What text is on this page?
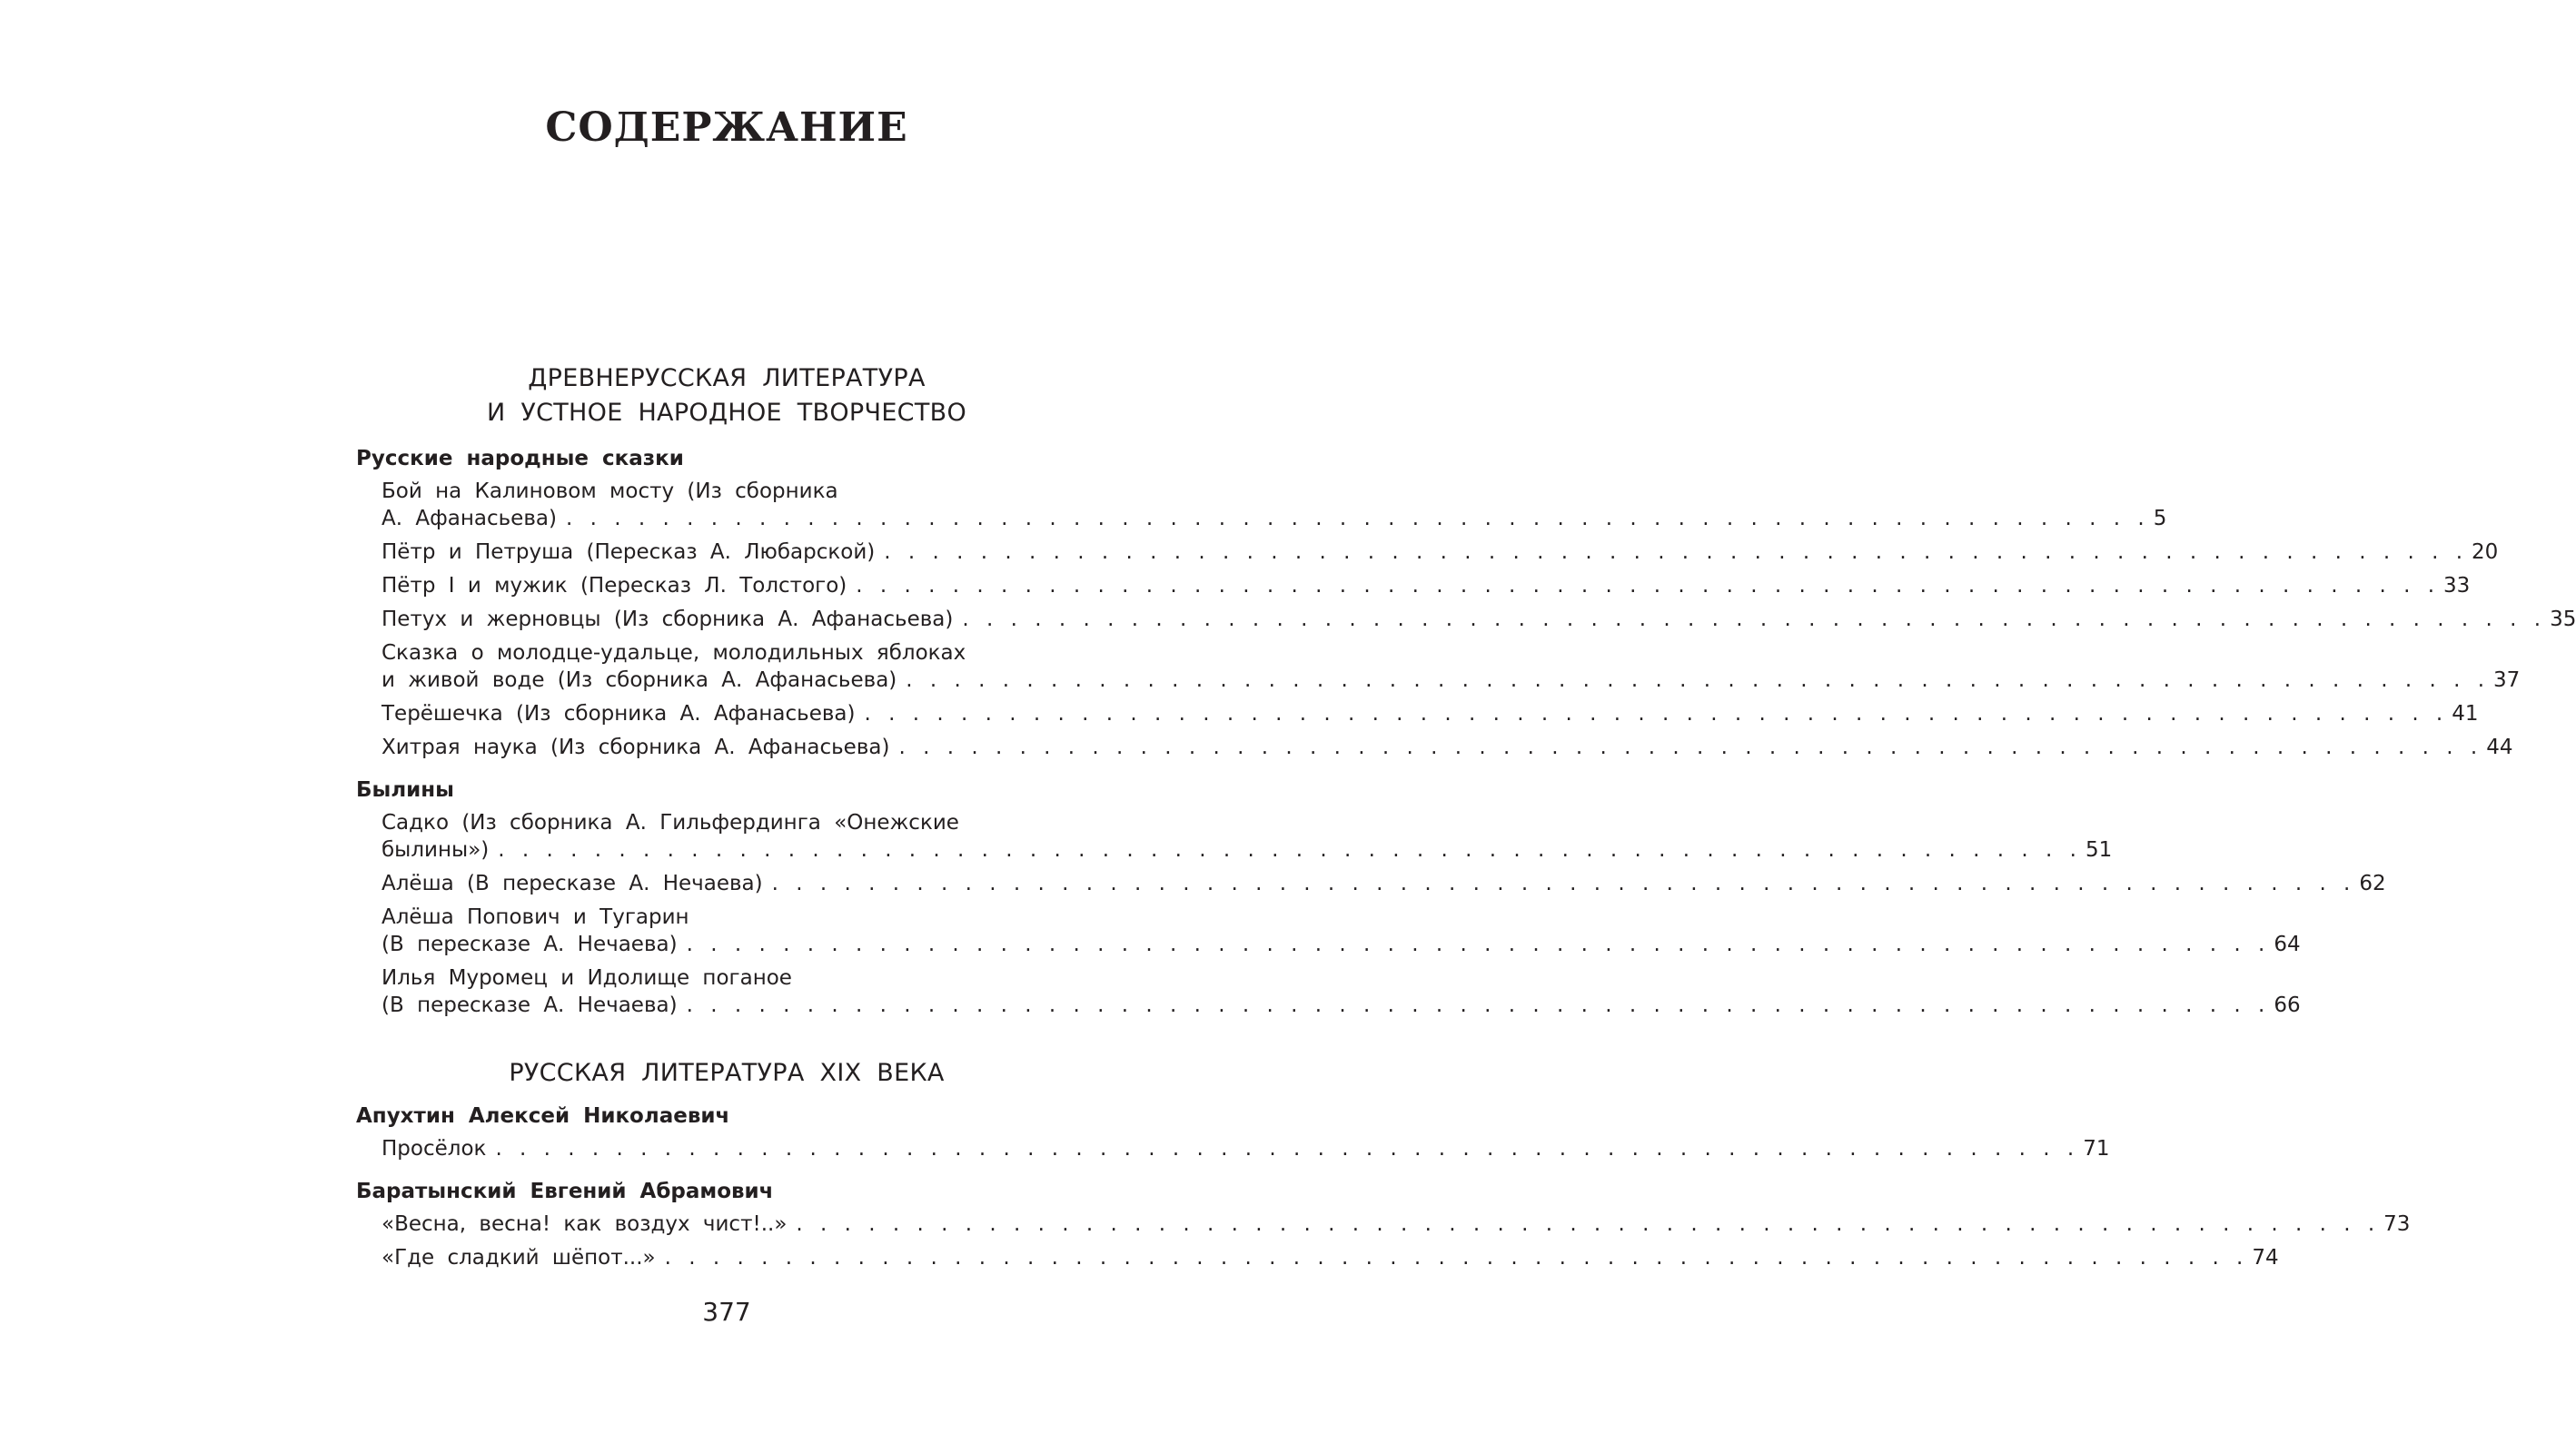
СОДЕРЖАНИЕ
ДРЕВНЕРУССКАЯ ЛИТЕРАТУРА
И УСТНОЕ НАРОДНОЕ ТВОРЧЕСТВО
Русские народные сказки
Бой на Калиновом мосту (Из сборника
А. Афанасьева) . . . . . . . . . . . . . . . . . . . . . . . . . . . . . . . . . . . . . . . . . . . . . . . . . . . . . . . . . . . . . . . . . . 5
Пётр и Петруша (Пересказ А. Любарской) . . . . . . . . . . . . . . . . . . . . . . . . . . . . . . . . . . . . . . . . . . . . . . . . . . . . . . . . . . . . . . . . . . 20
Пётр I и мужик (Пересказ Л. Толстого) . . . . . . . . . . . . . . . . . . . . . . . . . . . . . . . . . . . . . . . . . . . . . . . . . . . . . . . . . . . . . . . . . . 33
Петух и жерновцы (Из сборника А. Афанасьева) . . . . . . . . . . . . . . . . . . . . . . . . . . . . . . . . . . . . . . . . . . . . . . . . . . . . . . . . . . . . . . . . . . 35
Сказка о молодце-удальце, молодильных яблоках
и живой воде (Из сборника А. Афанасьева) . . . . . . . . . . . . . . . . . . . . . . . . . . . . . . . . . . . . . . . . . . . . . . . . . . . . . . . . . . . . . . . . . . 37
Терёшечка (Из сборника А. Афанасьева) . . . . . . . . . . . . . . . . . . . . . . . . . . . . . . . . . . . . . . . . . . . . . . . . . . . . . . . . . . . . . . . . . . 41
Хитрая наука (Из сборника А. Афанасьева) . . . . . . . . . . . . . . . . . . . . . . . . . . . . . . . . . . . . . . . . . . . . . . . . . . . . . . . . . . . . . . . . . . 44
Былины
Садко (Из сборника А. Гильфердинга «Онежские
былины») . . . . . . . . . . . . . . . . . . . . . . . . . . . . . . . . . . . . . . . . . . . . . . . . . . . . . . . . . . . . . . . . . . 51
Алёша (В пересказе А. Нечаева) . . . . . . . . . . . . . . . . . . . . . . . . . . . . . . . . . . . . . . . . . . . . . . . . . . . . . . . . . . . . . . . . . . 62
Алёша Попович и Тугарин
(В пересказе А. Нечаева) . . . . . . . . . . . . . . . . . . . . . . . . . . . . . . . . . . . . . . . . . . . . . . . . . . . . . . . . . . . . . . . . . . 64
Илья Муромец и Идолище поганое
(В пересказе А. Нечаева) . . . . . . . . . . . . . . . . . . . . . . . . . . . . . . . . . . . . . . . . . . . . . . . . . . . . . . . . . . . . . . . . . . 66
РУССКАЯ ЛИТЕРАТУРА XIX ВЕКА
Апухтин Алексей Николаевич
Просёлок . . . . . . . . . . . . . . . . . . . . . . . . . . . . . . . . . . . . . . . . . . . . . . . . . . . . . . . . . . . . . . . . . . 71
Баратынский Евгений Абрамович
«Весна, весна! как воздух чист!..» . . . . . . . . . . . . . . . . . . . . . . . . . . . . . . . . . . . . . . . . . . . . . . . . . . . . . . . . . . . . . . . . . . 73
«Где сладкий шёпот...» . . . . . . . . . . . . . . . . . . . . . . . . . . . . . . . . . . . . . . . . . . . . . . . . . . . . . . . . . . . . . . . . . . 74
377
